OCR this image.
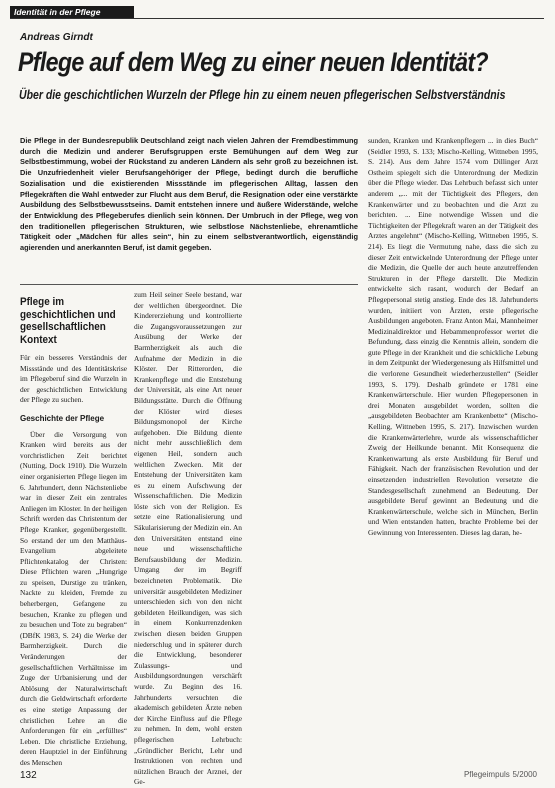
Identität in der Pflege
Andreas Girndt
Pflege auf dem Weg zu einer neuen Identität?
Über die geschichtlichen Wurzeln der Pflege hin zu einem neuen pflegerischen Selbstverständnis
Die Pflege in der Bundesrepublik Deutschland zeigt nach vielen Jahren der Fremdbestimmung durch die Medizin und anderer Berufsgruppen erste Bemühungen auf dem Weg zur Selbstbestimmung, wobei der Rückstand zu anderen Ländern als sehr groß zu bezeichnen ist. Die Unzufriedenheit vieler Berufsangehöriger der Pflege, bedingt durch die berufliche Sozialisation und die existierenden Missstände im pflegerischen Alltag, lassen den Pflegekräften die Wahl entweder zur Flucht aus dem Beruf, die Resignation oder eine verstärkte Ausbildung des Selbstbewusstseins. Damit entstehen innere und äußere Widerstände, welche der Entwicklung des Pflegeberufes dienlich sein können. Der Umbruch in der Pflege, weg von den traditionellen pflegerischen Strukturen, wie selbstlose Nächstenliebe, ehrenamtliche Tätigkeit oder „Mädchen für alles sein“, hin zu einem selbstverantwortlich, eigenständig agierenden und anerkannten Beruf, ist damit gegeben.
Pflege im geschichtlichen und gesellschaftlichen Kontext

Für ein besseres Verständnis der Missstände und des Identitätskrise im Pflegeberuf sind die Wurzeln in der geschichtlichen Entwicklung der Pflege zu suchen.

Geschichte der Pflege

Über die Versorgung von Kranken wird bereits aus der vorchristlichen Zeit berichtet (Nutting, Dock 1910). Die Wurzeln einer organisierten Pflege liegen im 6. Jahrhundert, denn Nächstenliebe war in dieser Zeit ein zentrales Anliegen im Kloster. In der heiligen Schrift werden das Christentum der Pflege Kranker, gegenübergestellt. So erstand der um den Matthäus-Evangelium abgeleitete Pflichtenkatalog der Christen: Diese Pflichten waren „Hungrige zu speisen, Durstige zu tränken, Nackte zu kleiden, Fremde zu beherbergen, Gefangene zu besuchen, Kranke zu pflegen und zu besuchen und Tote zu begraben“ (DBfK 1983, S. 24) die Werke der Barmherzigkeit. Durch die Veränderungen der gesellschaftlichen Verhältnisse im Zuge der Urbanisierung und der Ablösung der Naturalwirtschaft durch die Geldwirtschaft erforderte es eine stetige Anpassung der christlichen Lehre an die Anforderungen für ein „erfülltes“ Leben. Die christliche Erziehung, deren Hauptziel in der Einführung des Menschen

zum Heil seiner Seele bestand, war der weltlichen übergeordnet. Die Kindererziehung und kontrollierte die Zugangsvoraussetzungen zur Ausübung der Werke der Barmherzigkeit als auch die Aufnahme der Medizin in die Klöster. Der Ritterorden, die Krankenpflege und die Entstehung der Universität, als eine Art neuer Bildungsstätte. Durch die Öffnung der Klöster wird dieses Bildungsmonopol der Kirche aufgehoben. Die Bildung diente nicht mehr ausschließlich dem eigenen Heil, sondern auch weltlichen Zwecken. Mit der Entstehung der Universitäten kam es zu einem Aufschwung der Wissenschaftlichen. Die Medizin löste sich von der Religion. Es setzte eine Rationalisierung und Säkularisierung der Medizin ein. An den Universitäten entstand eine neue und wissenschaftliche Berufsausbildung der Medizin. Umgang der im Begriff bezeichneten Problematik. Die universitär ausgebildeten Mediziner unterschieden sich von den nicht gebildeten Heilkundigen, was sich in einem Konkurrenzdenken zwischen diesen beiden Gruppen niederschlug und in späterer durch die Entwicklung, besonderer Zulassungs- und Ausbildungsordnungen verschärft wurde. Zu Beginn des 16. Jahrhunderts versuchten die akademisch gebildeten Ärzte neben der Kirche Einfluss auf die Pflege zu nehmen. In dem, wohl ersten pflegerischen Lehrbuch: „Gründlicher Bericht, Lehr und Instruktionen von rechten und nützlichen Brauch der Arznei, der Ge-

sunden, Kranken und Krankenpflegern ... in dies Buch“ (Seidler 1993, S. 133; Mischo-Kelling, Wittneben 1995, S. 214). Aus dem Jahre 1574 vom Dillinger Arzt Ostheim spiegelt sich die Unterordnung der Medizin über die Pflege wieder. Das Lehrbuch befasst sich unter anderem „... mit der Tüchtigkeit des Pflegers, den Krankenwärter und zu beobachten und die Arzt zu berichten. ... Eine notwendige Wissen und die Tüchtigkeiten der Pflegekraft waren an der Tätigkeit des Arztes angelehnt“ (Mischo-Kelling, Wittneben 1995, S. 214). Es liegt die Vermutung nahe, dass die sich zu dieser Zeit entwickelnde Unterordnung der Pflege unter die Medizin, die Quelle der auch heute anzutreffenden Strukturen in der Pflege darstellt. Die Medizin entwickelte sich rasant, wodurch der Bedarf an Pflegepersonal stetig anstieg. Ende des 18. Jahrhunderts wurden, initiiert von Ärzten, erste pflegerische Ausbildungen angeboten. Franz Anton Mai, Mannheimer Medizinaldirektor und Hebammenprofessor wertet die Befundung, dass einzig die Kenntnis allein, sondern die gute Pflege in der Krankheit und die schickliche Lebung in dem Zeitpunkt der Wiedergenesung als Hilfsmittel und die verlorene Gesundheit wiederherzustellen“ (Seidler 1993, S. 179). Deshalb gründete er 1781 eine Krankenwärterschule. Hier wurden Pflegepersonen in drei Monaten ausgebildet worden, sollten die „ausgebildeten Beobachter am Krankenbette“ (Mischo-Kelling, Wittneben 1995, S. 217). Inzwischen wurden die Krankenwärterlehre, wurde als wissenschaftlicher Zweig der Heilkunde benannt. Mit Konsequenz die Krankenwartung als erste Ausbildung für Beruf und Fähigkeit. Nach der französischen Revolution und der einsetzenden industriellen Revolution versetzte die Standesgesellschaft zunehmend an Bedeutung. Der ausgebildete Beruf gewinnt an Bedeutung und die Krankenwärterschule, welche sich in München, Berlin und Wien entstanden hatten, brachte Probleme bei der Gewinnung von Interessenten. Dieses lag daran, he-

132	Pflegeimpuls 5/2000
